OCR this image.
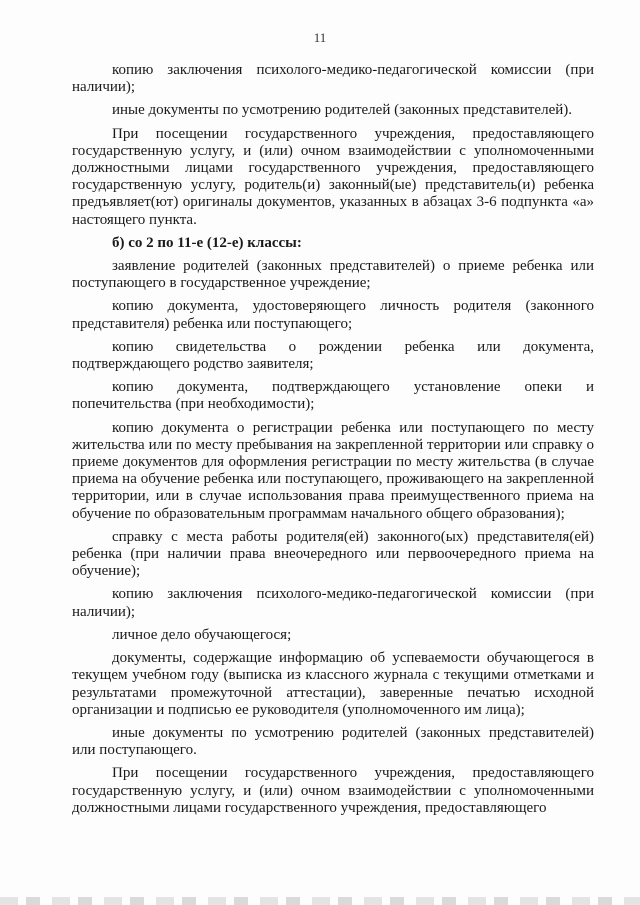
11

копию заключения психолого-медико-педагогической комиссии (при наличии);

иные документы по усмотрению родителей (законных представителей).

При посещении государственного учреждения, предоставляющего государственную услугу, и (или) очном взаимодействии с уполномоченными должностными лицами государственного учреждения, предоставляющего государственную услугу, родитель(и) законный(ые) представитель(и) ребенка предъявляет(ют) оригиналы документов, указанных в абзацах 3-6 подпункта «а» настоящего пункта.

б) со 2 по 11-е (12-е) классы:

заявление родителей (законных представителей) о приеме ребенка или поступающего в государственное учреждение;

копию документа, удостоверяющего личность родителя (законного представителя) ребенка или поступающего;

копию свидетельства о рождении ребенка или документа, подтверждающего родство заявителя;

копию документа, подтверждающего установление опеки и попечительства (при необходимости);

копию документа о регистрации ребенка или поступающего по месту жительства или по месту пребывания на закрепленной территории или справку о приеме документов для оформления регистрации по месту жительства (в случае приема на обучение ребенка или поступающего, проживающего на закрепленной территории, или в случае использования права преимущественного приема на обучение по образовательным программам начального общего образования);

справку с места работы родителя(ей) законного(ых) представителя(ей) ребенка (при наличии права внеочередного или первоочередного приема на обучение);

копию заключения психолого-медико-педагогической комиссии (при наличии);

личное дело обучающегося;

документы, содержащие информацию об успеваемости обучающегося в текущем учебном году (выписка из классного журнала с текущими отметками и результатами промежуточной аттестации), заверенные печатью исходной организации и подписью ее руководителя (уполномоченного им лица);

иные документы по усмотрению родителей (законных представителей) или поступающего.

При посещении государственного учреждения, предоставляющего государственную услугу, и (или) очном взаимодействии с уполномоченными должностными лицами государственного учреждения, предоставляющего
